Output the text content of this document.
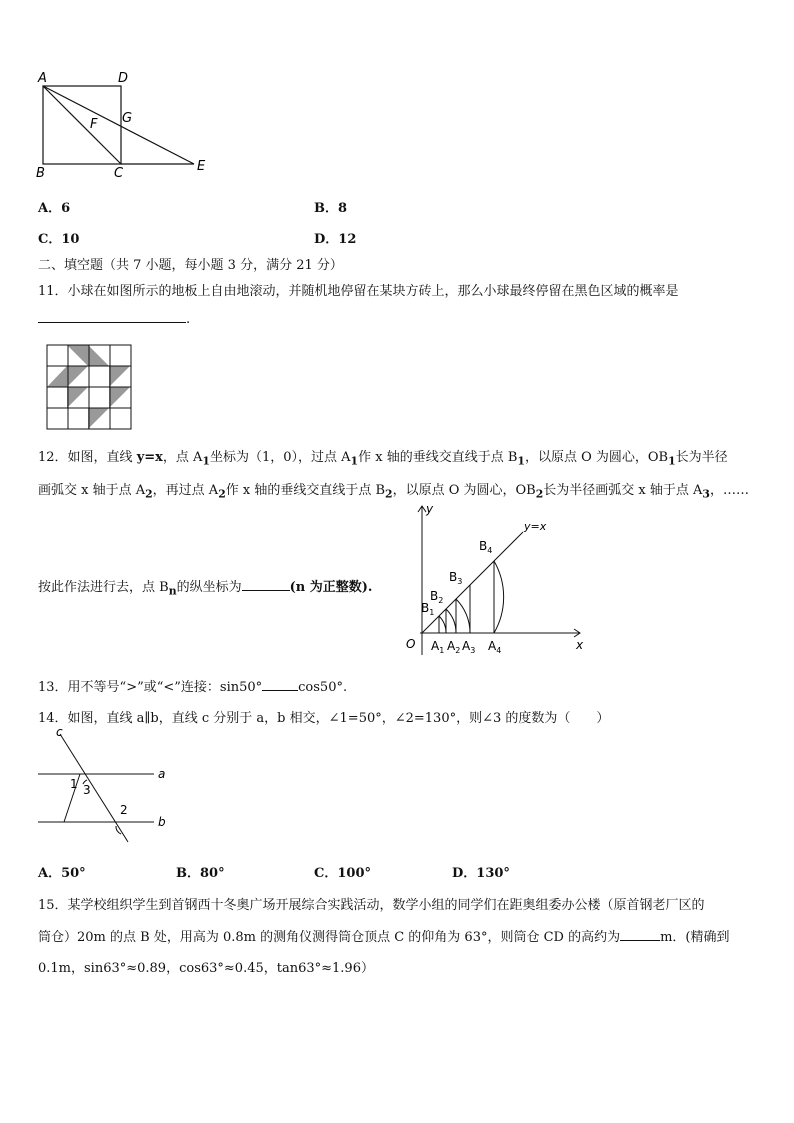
A	D
F G
B	C	E
A．6	B．8
C．10	D．12
二、填空题（共 7 小题，每小题 3 分，满分 21 分）
11．小球在如图所示的地板上自由地滚动，并随机地停留在某块方砖上，那么小球最终停留在黑色区域的概率是
.
12．如图，直线 y=x，点 $A_1$坐标为（1，0），过点 $A_1$作 x 轴的垂线交直线于点 $B_1$，以原点 O 为圆心，$OB_1$长为半径
画弧交 x 轴于点 $A_2$，再过点 $A_2$作 x 轴的垂线交直线于点 $B_2$，以原点 O 为圆心，$OB_2$长为半径画弧交 x 轴于点 $A_3$，……
按此作法进行去，点 $B_n$的纵坐标为	(n 为正整数).
y
x
y=x
O
$B_1$
$B_2$
$B_3$
$B_4$
$A_1$ $A_2$ $A_3$ $A_4$
13．用不等号“>”或“<”连接：sin50°	cos50°.
14．如图，直线 a∥b，直线 c 分别于 a，b 相交，∠1=50°，∠2=130°，则∠3 的度数为（　　）
c
a
b
1 3
2
A．50°	B．80°	C．100°	D．130°
15．某学校组织学生到首钢西十冬奥广场开展综合实践活动，数学小组的同学们在距奥组委办公楼（原首钢老厂区的
筒仓）20m 的点 B 处，用高为 0.8m 的测角仪测得筒仓顶点 C 的仰角为 63°，则筒仓 CD 的高约为	m．(精确到
0.1m，sin63°≈0.89，cos63°≈0.45，tan63°≈1.96）
